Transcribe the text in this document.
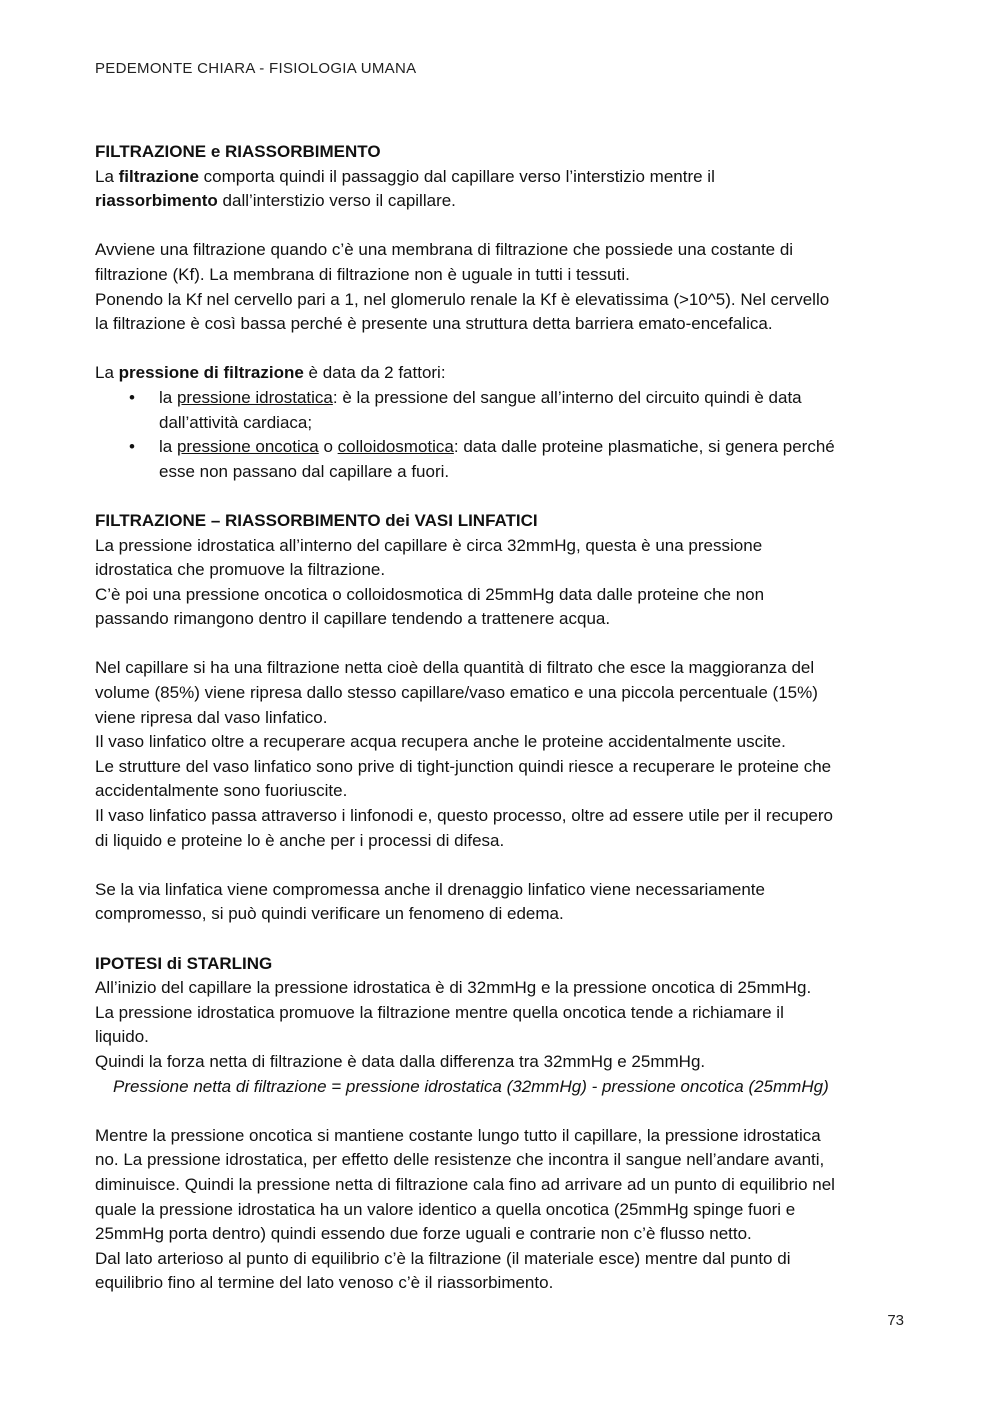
PEDEMONTE CHIARA - FISIOLOGIA UMANA

FILTRAZIONE e RIASSORBIMENTO

La filtrazione comporta quindi il passaggio dal capillare verso l’interstizio mentre il

riassorbimento dall’interstizio verso il capillare.

Avviene una filtrazione quando c’è una membrana di filtrazione che possiede una costante di

filtrazione (Kf). La membrana di filtrazione non è uguale in tutti i tessuti.

Ponendo la Kf nel cervello pari a 1, nel glomerulo renale la Kf è elevatissima (>10^5). Nel cervello

la filtrazione è così bassa perché è presente una struttura detta barriera emato-encefalica.

La pressione di filtrazione è data da 2 fattori:

• la pressione idrostatica: è la pressione del sangue all’interno del circuito quindi è data
dall’attività cardiaca;
• la pressione oncotica o colloidosmotica: data dalle proteine plasmatiche, si genera perché
esse non passano dal capillare a fuori.

FILTRAZIONE – RIASSORBIMENTO dei VASI LINFATICI

La pressione idrostatica all’interno del capillare è circa 32mmHg, questa è una pressione

idrostatica che promuove la filtrazione.

C’è poi una pressione oncotica o colloidosmotica di 25mmHg data dalle proteine che non

passando rimangono dentro il capillare tendendo a trattenere acqua.

Nel capillare si ha una filtrazione netta cioè della quantità di filtrato che esce la maggioranza del

volume (85%) viene ripresa dallo stesso capillare/vaso ematico e una piccola percentuale (15%)

viene ripresa dal vaso linfatico.

Il vaso linfatico oltre a recuperare acqua recupera anche le proteine accidentalmente uscite.

Le strutture del vaso linfatico sono prive di tight-junction quindi riesce a recuperare le proteine che

accidentalmente sono fuoriuscite.

Il vaso linfatico passa attraverso i linfonodi e, questo processo, oltre ad essere utile per il recupero

di liquido e proteine lo è anche per i processi di difesa.

Se la via linfatica viene compromessa anche il drenaggio linfatico viene necessariamente

compromesso, si può quindi verificare un fenomeno di edema.

IPOTESI di STARLING

All’inizio del capillare la pressione idrostatica è di 32mmHg e la pressione oncotica di 25mmHg.

La pressione idrostatica promuove la filtrazione mentre quella oncotica tende a richiamare il

liquido.

Quindi la forza netta di filtrazione è data dalla differenza tra 32mmHg e 25mmHg.

Pressione netta di filtrazione = pressione idrostatica (32mmHg) - pressione oncotica (25mmHg)

Mentre la pressione oncotica si mantiene costante lungo tutto il capillare, la pressione idrostatica

no. La pressione idrostatica, per effetto delle resistenze che incontra il sangue nell’andare avanti,

diminuisce. Quindi la pressione netta di filtrazione cala fino ad arrivare ad un punto di equilibrio nel

quale la pressione idrostatica ha un valore identico a quella oncotica (25mmHg spinge fuori e

25mmHg porta dentro) quindi essendo due forze uguali e contrarie non c’è flusso netto.

Dal lato arterioso al punto di equilibrio c’è la filtrazione (il materiale esce) mentre dal punto di

equilibrio fino al termine del lato venoso c’è il riassorbimento.

73
